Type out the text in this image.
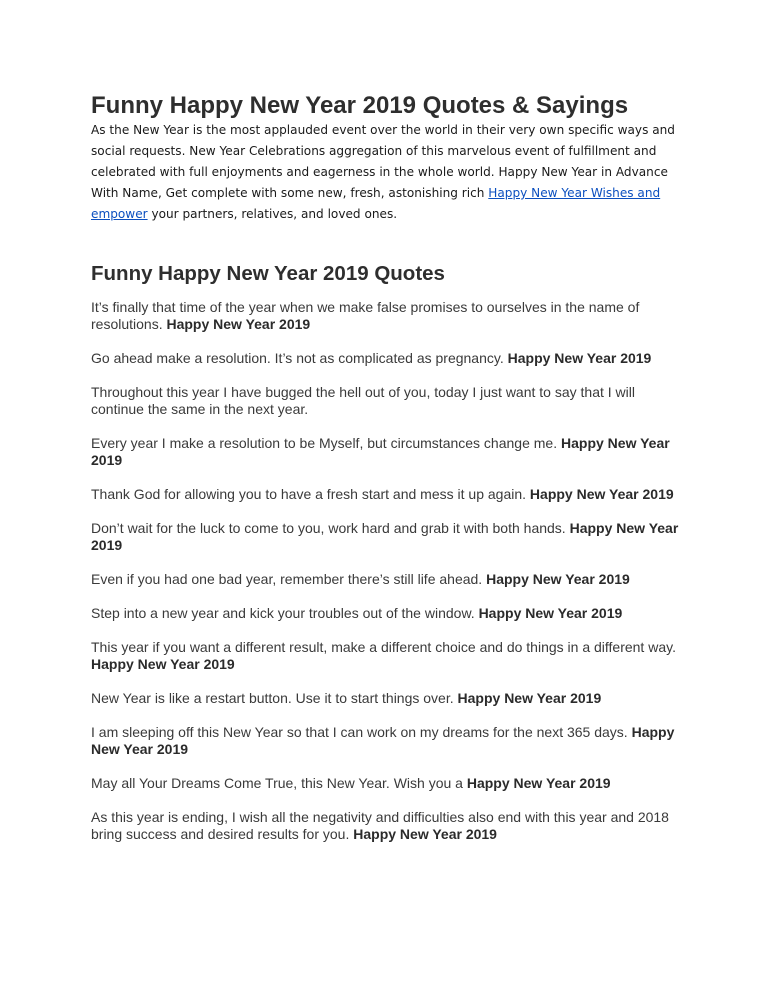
Funny Happy New Year 2019 Quotes & Sayings

As the New Year is the most applauded event over the world in their very own specific ways and social requests. New Year Celebrations aggregation of this marvelous event of fulfillment and celebrated with full enjoyments and eagerness in the whole world. Happy New Year in Advance With Name, Get complete with some new, fresh, astonishing rich Happy New Year Wishes and empower your partners, relatives, and loved ones.

Funny Happy New Year 2019 Quotes

It’s finally that time of the year when we make false promises to ourselves in the name of resolutions. Happy New Year 2019

Go ahead make a resolution. It’s not as complicated as pregnancy. Happy New Year 2019

Throughout this year I have bugged the hell out of you, today I just want to say that I will continue the same in the next year.

Every year I make a resolution to be Myself, but circumstances change me. Happy New Year 2019

Thank God for allowing you to have a fresh start and mess it up again. Happy New Year 2019

Don’t wait for the luck to come to you, work hard and grab it with both hands. Happy New Year 2019

Even if you had one bad year, remember there’s still life ahead. Happy New Year 2019

Step into a new year and kick your troubles out of the window. Happy New Year 2019

This year if you want a different result, make a different choice and do things in a different way. Happy New Year 2019

New Year is like a restart button. Use it to start things over. Happy New Year 2019

I am sleeping off this New Year so that I can work on my dreams for the next 365 days. Happy New Year 2019

May all Your Dreams Come True, this New Year. Wish you a Happy New Year 2019

As this year is ending, I wish all the negativity and difficulties also end with this year and 2018 bring success and desired results for you. Happy New Year 2019
